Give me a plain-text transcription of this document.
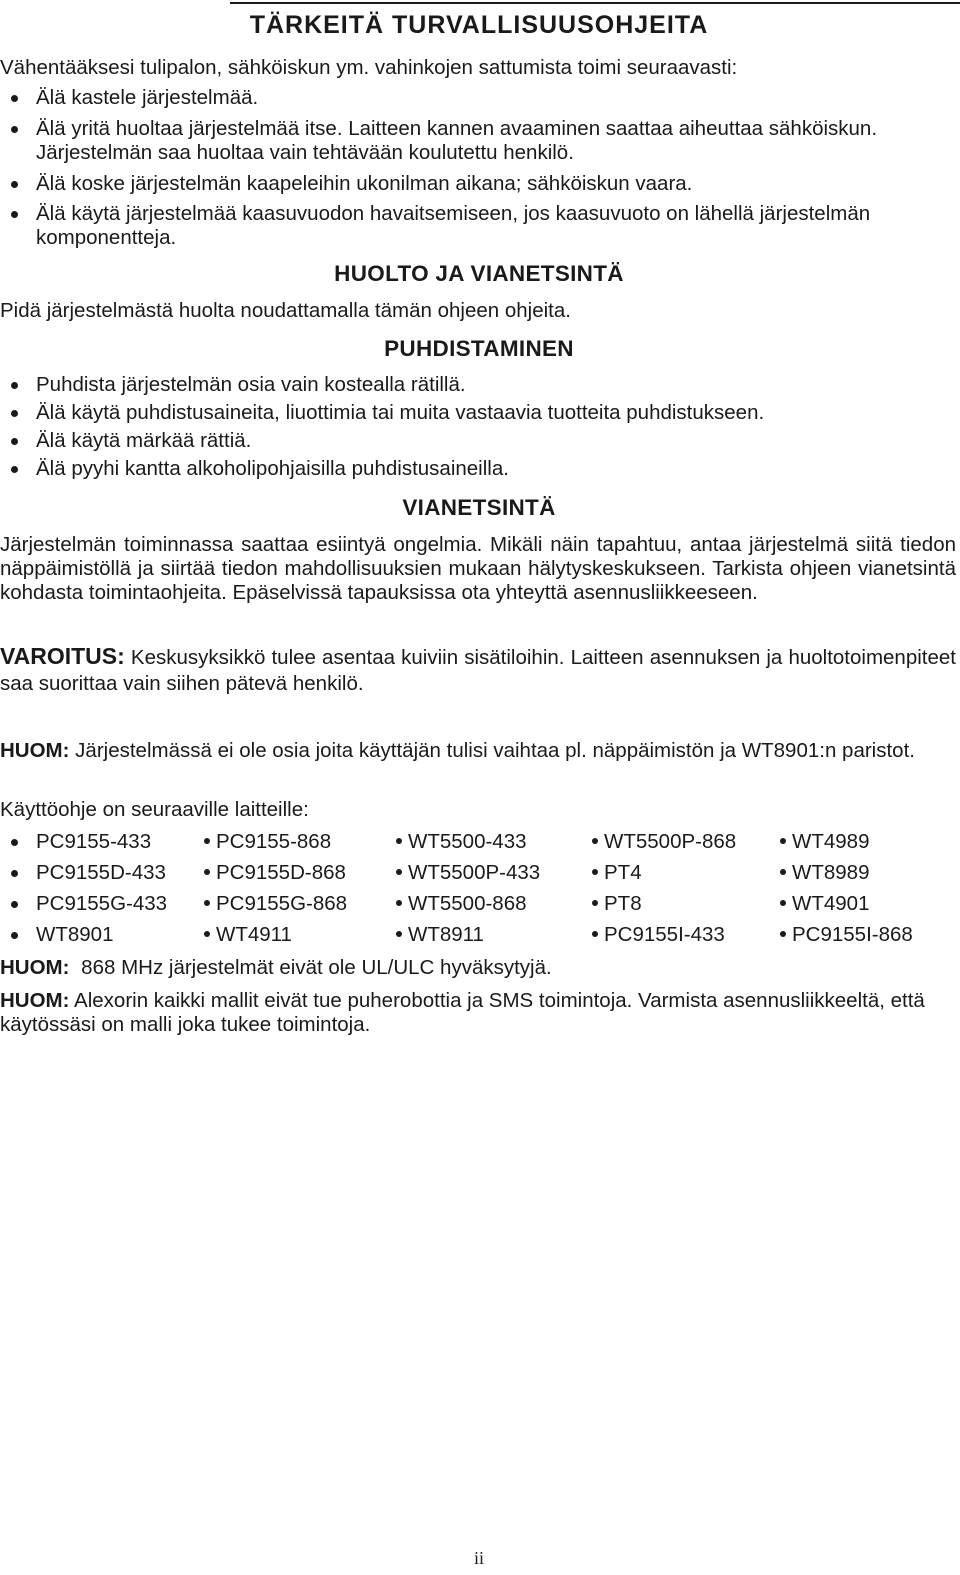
TÄRKEITÄ TURVALLISUUSOHJEITA
Vähentääksesi tulipalon, sähköiskun ym. vahinkojen sattumista toimi seuraavasti:
Älä kastele järjestelmää.
Älä yritä huoltaa järjestelmää itse. Laitteen kannen avaaminen saattaa aiheuttaa sähköiskun. Järjestelmän saa huoltaa vain tehtävään koulutettu henkilö.
Älä koske järjestelmän kaapeleihin ukonilman aikana; sähköiskun vaara.
Älä käytä järjestelmää kaasuvuodon havaitsemiseen, jos kaasuvuoto on lähellä järjestelmän komponentteja.
HUOLTO JA VIANETSINTÄ
Pidä järjestelmästä huolta noudattamalla tämän ohjeen ohjeita.
PUHDISTAMINEN
Puhdista järjestelmän osia vain kostealla rätillä.
Älä käytä puhdistusaineita, liuottimia tai muita vastaavia tuotteita puhdistukseen.
Älä käytä märkää rättiä.
Älä pyyhi kantta alkoholipohjaisilla puhdistusaineilla.
VIANETSINTÄ
Järjestelmän toiminnassa saattaa esiintyä ongelmia. Mikäli näin tapahtuu, antaa järjestelmä siitä tiedon näppäimistöllä ja siirtää tiedon mahdollisuuksien mukaan hälytyskeskukseen. Tarkista ohjeen vianetsintä kohdasta toimintaohjeita. Epäselvissä tapauksissa ota yhteyttä asennusliikkeeseen.
VAROITUS: Keskusyksikkö tulee asentaa kuiviin sisätiloihin. Laitteen asennuksen ja huoltotoimenpiteet saa suorittaa vain siihen pätevä henkilö.
HUOM: Järjestelmässä ei ole osia joita käyttäjän tulisi vaihtaa pl. näppäimistön ja WT8901:n paristot.
Käyttöohje on seuraaville laitteille:
PC9155-433	PC9155-868	WT5500-433	WT5500P-868	WT4989
PC9155D-433	PC9155D-868	WT5500P-433	PT4	WT8989
PC9155G-433	PC9155G-868	WT5500-868	PT8	WT4901
WT8901	WT4911	WT8911	PC9155I-433	PC9155I-868
HUOM: 868 MHz järjestelmät eivät ole UL/ULC hyväksytyjä.
HUOM: Alexorin kaikki mallit eivät tue puherobottia ja SMS toimintoja. Varmista asennusliikkeeltä, että käytössäsi on malli joka tukee toimintoja.
ii
